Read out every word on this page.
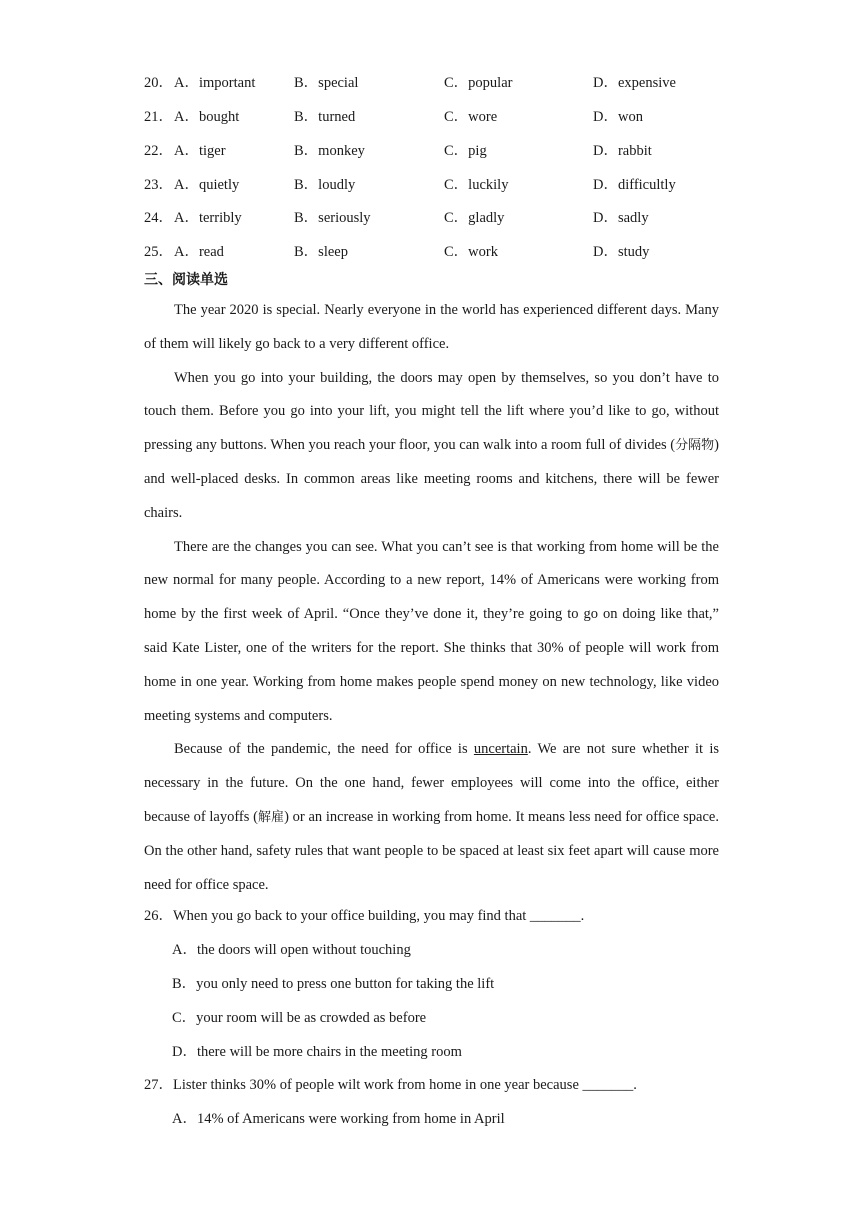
20． A．important	B．special	C．popular	D．expensive
21． A．bought	B．turned	C．wore	D．won
22． A．tiger	B．monkey	C．pig	D．rabbit
23． A．quietly	B．loudly	C．luckily	D．difficultly
24． A．terribly	B．seriously	C．gladly	D．sadly
25． A．read	B．sleep	C．work	D．study
三、阅读单选

The year 2020 is special. Nearly everyone in the world has experienced different days. Many of them will likely go back to a very different office.

When you go into your building, the doors may open by themselves, so you don’t have to touch them. Before you go into your lift, you might tell the lift where you’d like to go, without pressing any buttons. When you reach your floor, you can walk into a room full of divides (分隔物) and well-placed desks. In common areas like meeting rooms and kitchens, there will be fewer chairs.

There are the changes you can see. What you can’t see is that working from home will be the new normal for many people. According to a new report, 14% of Americans were working from home by the first week of April. “Once they’ve done it, they’re going to go on doing like that,” said Kate Lister, one of the writers for the report. She thinks that 30% of people will work from home in one year. Working from home makes people spend money on new technology, like video meeting systems and computers.

Because of the pandemic, the need for office is uncertain. We are not sure whether it is necessary in the future. On the one hand, fewer employees will come into the office, either because of layoffs (解雇) or an increase in working from home. It means less need for office space. On the other hand, safety rules that want people to be spaced at least six feet apart will cause more need for office space.

26．When you go back to your office building, you may find that _______.
A．the doors will open without touching
B．you only need to press one button for taking the lift
C．your room will be as crowded as before
D．there will be more chairs in the meeting room
27．Lister thinks 30% of people wilt work from home in one year because _______.
A．14% of Americans were working from home in April
